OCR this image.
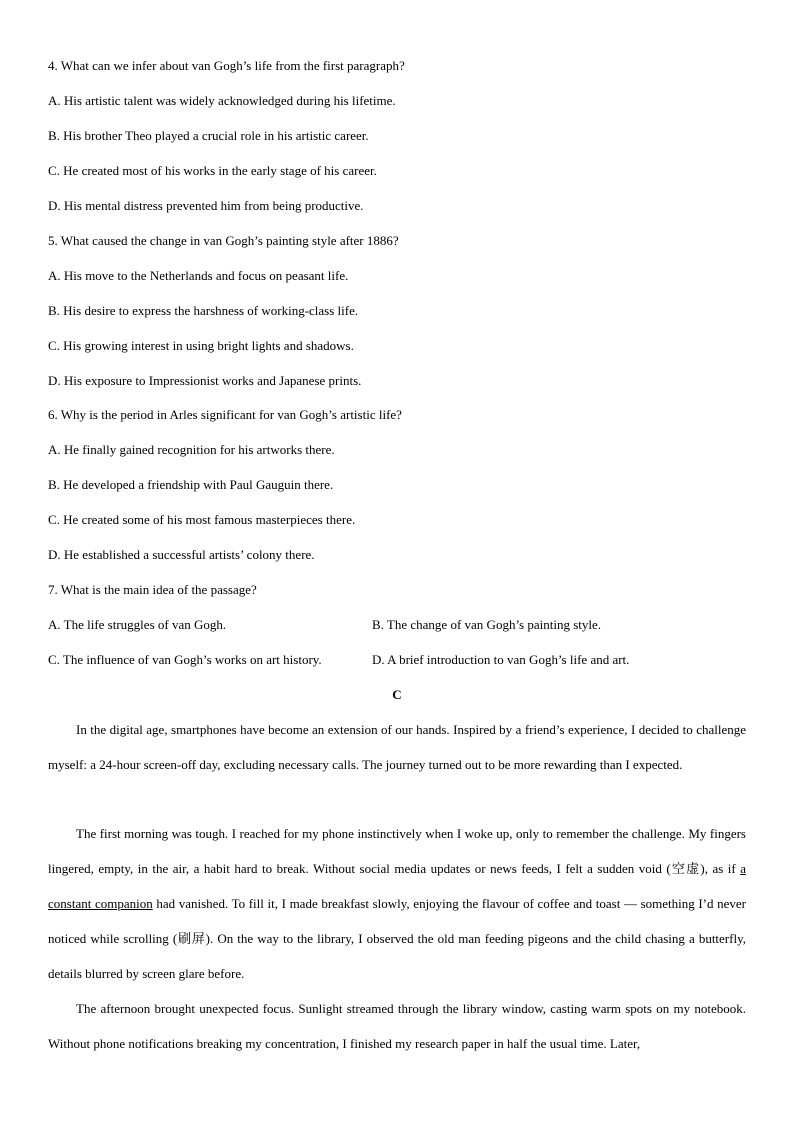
4. What can we infer about van Gogh’s life from the first paragraph?
A. His artistic talent was widely acknowledged during his lifetime.
B. His brother Theo played a crucial role in his artistic career.
C. He created most of his works in the early stage of his career.
D. His mental distress prevented him from being productive.
5. What caused the change in van Gogh’s painting style after 1886?
A. His move to the Netherlands and focus on peasant life.
B. His desire to express the harshness of working-class life.
C. His growing interest in using bright lights and shadows.
D. His exposure to Impressionist works and Japanese prints.
6. Why is the period in Arles significant for van Gogh’s artistic life?
A. He finally gained recognition for his artworks there.
B. He developed a friendship with Paul Gauguin there.
C. He created some of his most famous masterpieces there.
D. He established a successful artists’ colony there.
7. What is the main idea of the passage?
A. The life struggles of van Gogh.	B. The change of van Gogh’s painting style.
C. The influence of van Gogh’s works on art history.	D. A brief introduction to van Gogh’s life and art.
C

In the digital age, smartphones have become an extension of our hands. Inspired by a friend’s experience, I decided to challenge myself: a 24-hour screen-off day, excluding necessary calls. The journey turned out to be more rewarding than I expected.

The first morning was tough. I reached for my phone instinctively when I woke up, only to remember the challenge. My fingers lingered, empty, in the air, a habit hard to break. Without social media updates or news feeds, I felt a sudden void (空虚), as if a constant companion had vanished. To fill it, I made breakfast slowly, enjoying the flavour of coffee and toast — something I’d never noticed while scrolling (刷屏). On the way to the library, I observed the old man feeding pigeons and the child chasing a butterfly, details blurred by screen glare before.

The afternoon brought unexpected focus. Sunlight streamed through the library window, casting warm spots on my notebook. Without phone notifications breaking my concentration, I finished my research paper in half the usual time. Later,
